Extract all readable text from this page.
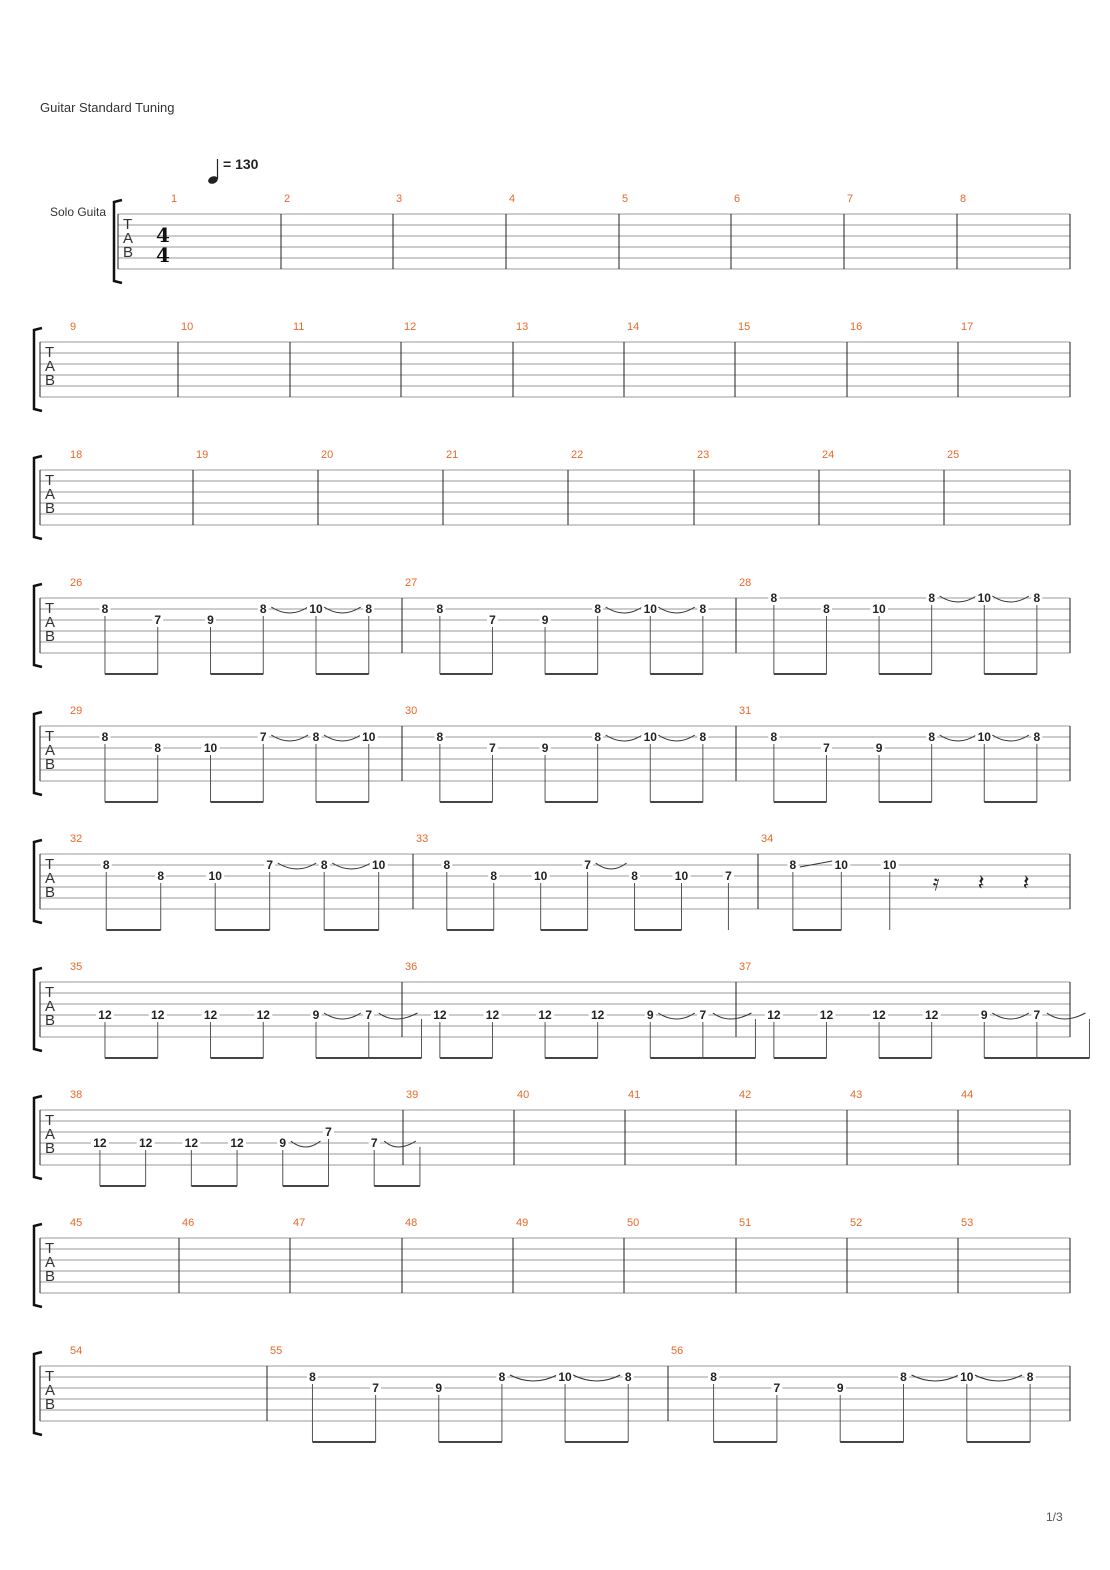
Guitar Standard Tuning
T
A
B
Solo Guita
4
4
= 130
1	2	3	4	5	6	7	8
T
A
B
9	10	11	12	13	14	15	16	17
T
A
B
18	19	20	21	22	23	24	25
T
A
B
26
8
7	9
8	10	8
27
8
7	9
8	10	8
28
8
8	10
8	10	8
T
A
B
29
8
8	10
7	8	10
30
8
7	9
8	10	8
31
8
7	9
8	10	8
T
A
B
32
8
8	10
7	8	10
33
8
8	10
7
8	10	7
34
8	10	10
𝄿 𝄽 𝄽
T
A
B
35
12	12	12	12	9	7
36
12	12	12	12	9	7
37
12	12	12	12	9	7
T
A
B
38
12	12	12	12	9
7
7
39	40	41	42	43	44
T
A
B
45	46	47	48	49	50	51	52	53
T
A
B
54	55
8
7	9
8	10	8
56
8
7	9
8	10	8
1/3
